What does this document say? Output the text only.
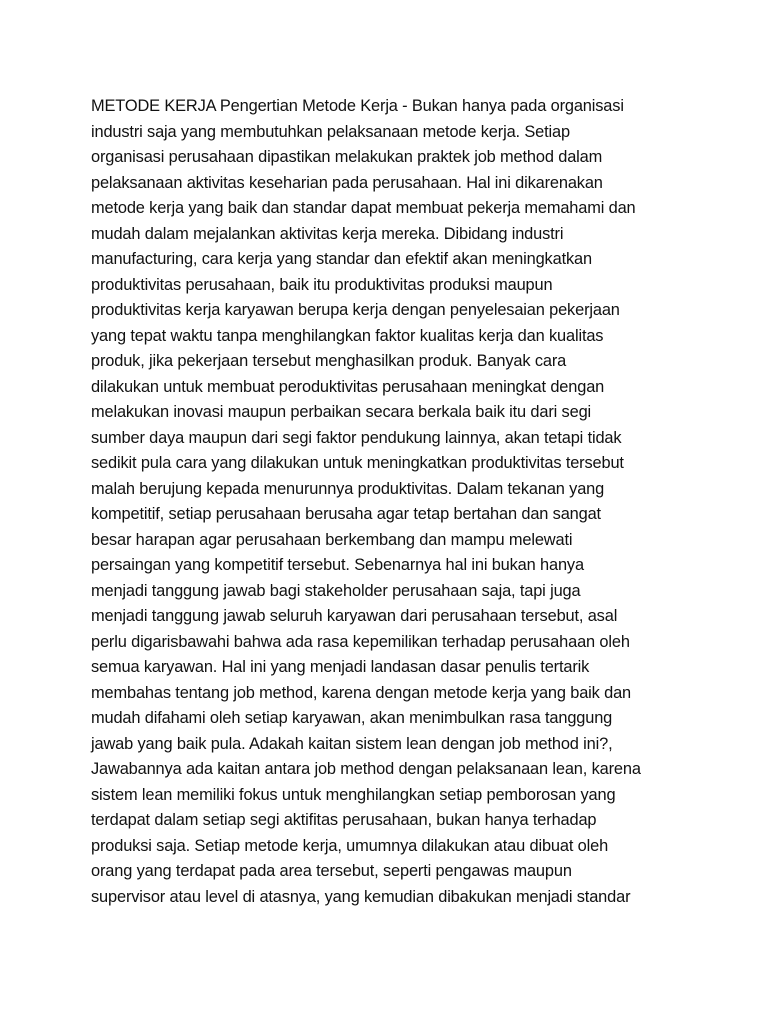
METODE KERJA Pengertian Metode Kerja - Bukan hanya pada organisasi
industri saja yang membutuhkan pelaksanaan metode kerja. Setiap
organisasi perusahaan dipastikan melakukan praktek job method dalam
pelaksanaan aktivitas keseharian pada perusahaan. Hal ini dikarenakan
metode kerja yang baik dan standar dapat membuat pekerja memahami dan
mudah dalam mejalankan aktivitas kerja mereka. Dibidang industri
manufacturing, cara kerja yang standar dan efektif akan meningkatkan
produktivitas perusahaan, baik itu produktivitas produksi maupun
produktivitas kerja karyawan berupa kerja dengan penyelesaian pekerjaan
yang tepat waktu tanpa menghilangkan faktor kualitas kerja dan kualitas
produk, jika pekerjaan tersebut menghasilkan produk. Banyak cara
dilakukan untuk membuat peroduktivitas perusahaan meningkat dengan
melakukan inovasi maupun perbaikan secara berkala baik itu dari segi
sumber daya maupun dari segi faktor pendukung lainnya, akan tetapi tidak
sedikit pula cara yang dilakukan untuk meningkatkan produktivitas tersebut
malah berujung kepada menurunnya produktivitas. Dalam tekanan yang
kompetitif, setiap perusahaan berusaha agar tetap bertahan dan sangat
besar harapan agar perusahaan berkembang dan mampu melewati
persaingan yang kompetitif tersebut. Sebenarnya hal ini bukan hanya
menjadi tanggung jawab bagi stakeholder perusahaan saja, tapi juga
menjadi tanggung jawab seluruh karyawan dari perusahaan tersebut, asal
perlu digarisbawahi bahwa ada rasa kepemilikan terhadap perusahaan oleh
semua karyawan. Hal ini yang menjadi landasan dasar penulis tertarik
membahas tentang job method, karena dengan metode kerja yang baik dan
mudah difahami oleh setiap karyawan, akan menimbulkan rasa tanggung
jawab yang baik pula. Adakah kaitan sistem lean dengan job method ini?,
Jawabannya ada kaitan antara job method dengan pelaksanaan lean, karena
sistem lean memiliki fokus untuk menghilangkan setiap pemborosan yang
terdapat dalam setiap segi aktifitas perusahaan, bukan hanya terhadap
produksi saja. Setiap metode kerja, umumnya dilakukan atau dibuat oleh
orang yang terdapat pada area tersebut, seperti pengawas maupun
supervisor atau level di atasnya, yang kemudian dibakukan menjadi standar
